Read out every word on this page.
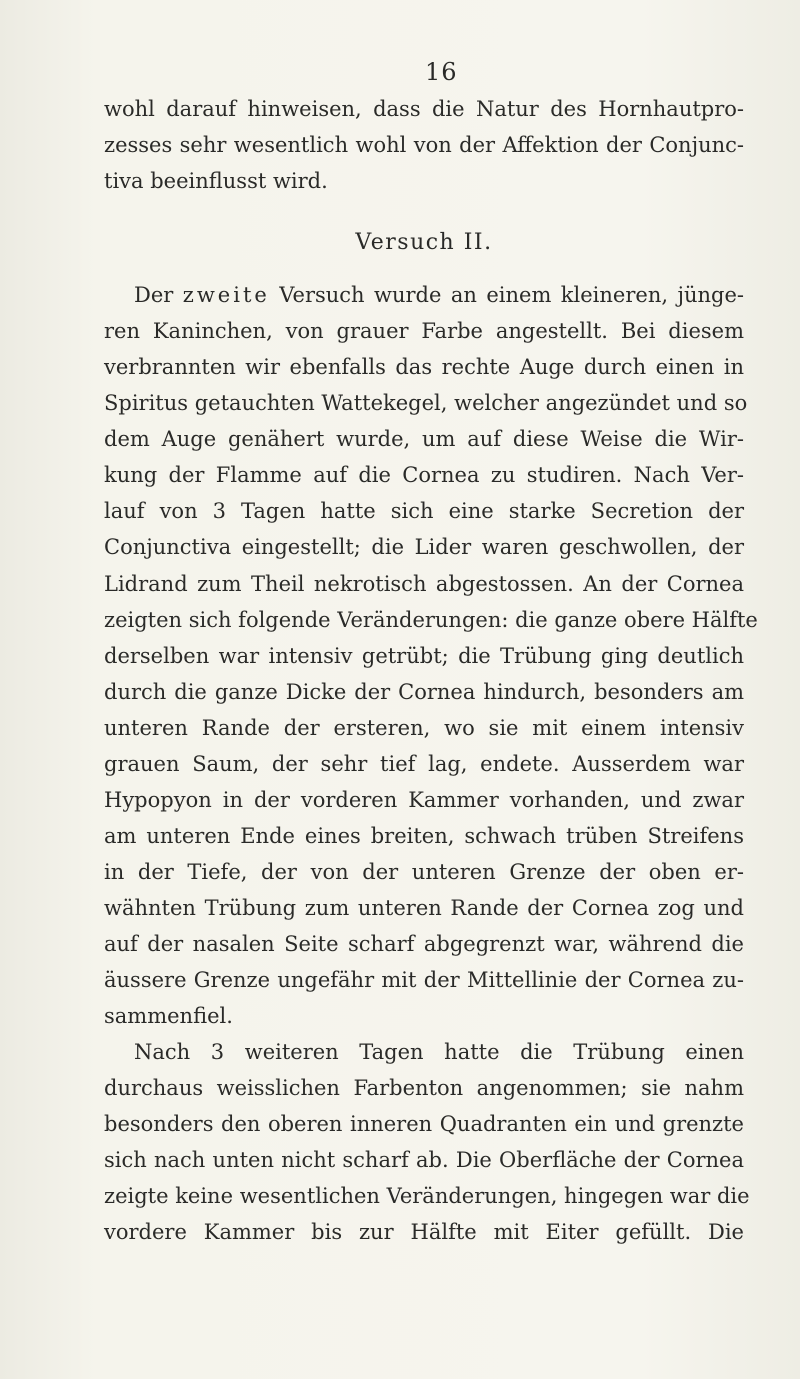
16
wohl darauf hinweisen, dass die Natur des Hornhautpro-
zesses sehr wesentlich wohl von der Affektion der Conjunc-
tiva beeinflusst wird.
Versuch II.
Der zweite Versuch wurde an einem kleineren, jünge-
ren Kaninchen, von grauer Farbe angestellt. Bei diesem
verbrannten wir ebenfalls das rechte Auge durch einen in
Spiritus getauchten Wattekegel, welcher angezündet und so
dem Auge genähert wurde, um auf diese Weise die Wir-
kung der Flamme auf die Cornea zu studiren. Nach Ver-
lauf von 3 Tagen hatte sich eine starke Secretion der
Conjunctiva eingestellt; die Lider waren geschwollen, der
Lidrand zum Theil nekrotisch abgestossen. An der Cornea
zeigten sich folgende Veränderungen: die ganze obere Hälfte
derselben war intensiv getrübt; die Trübung ging deutlich
durch die ganze Dicke der Cornea hindurch, besonders am
unteren Rande der ersteren, wo sie mit einem intensiv
grauen Saum, der sehr tief lag, endete. Ausserdem war
Hypopyon in der vorderen Kammer vorhanden, und zwar
am unteren Ende eines breiten, schwach trüben Streifens
in der Tiefe, der von der unteren Grenze der oben er-
wähnten Trübung zum unteren Rande der Cornea zog und
auf der nasalen Seite scharf abgegrenzt war, während die
äussere Grenze ungefähr mit der Mittellinie der Cornea zu-
sammenfiel.
Nach 3 weiteren Tagen hatte die Trübung einen
durchaus weisslichen Farbenton angenommen; sie nahm
besonders den oberen inneren Quadranten ein und grenzte
sich nach unten nicht scharf ab. Die Oberfläche der Cornea
zeigte keine wesentlichen Veränderungen, hingegen war die
vordere Kammer bis zur Hälfte mit Eiter gefüllt. Die
